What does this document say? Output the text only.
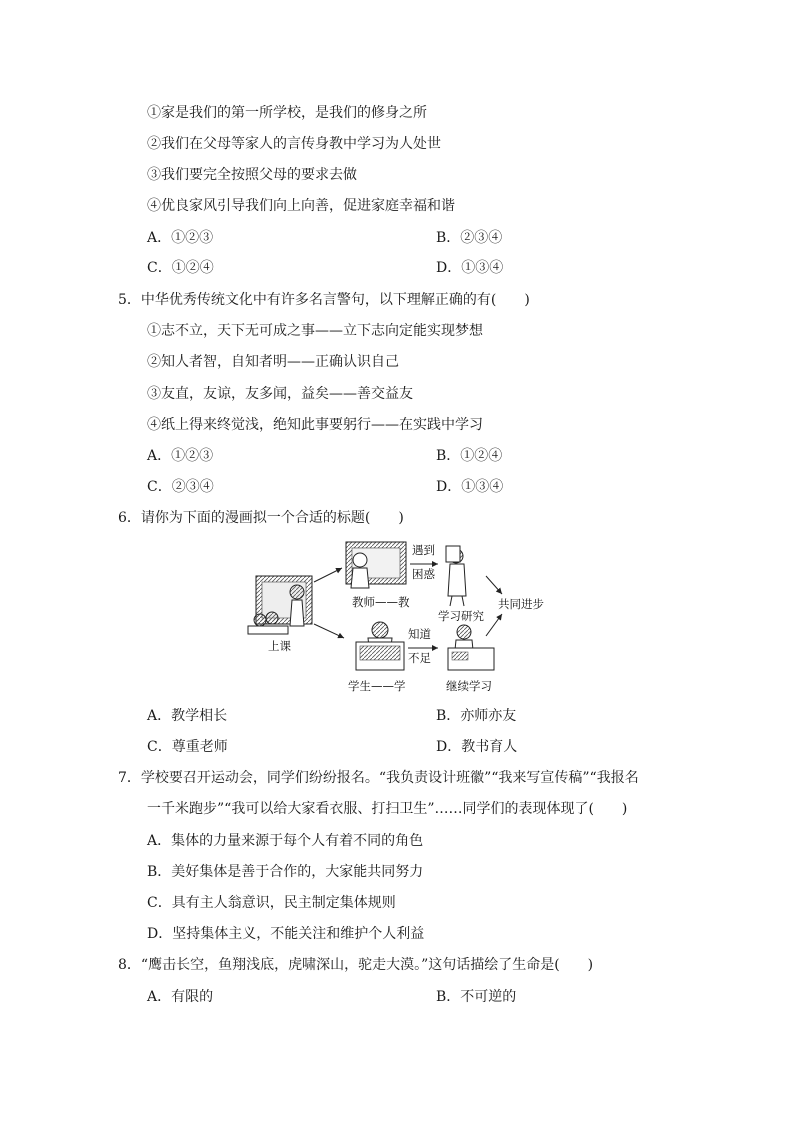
①家是我们的第一所学校，是我们的修身之所
②我们在父母等家人的言传身教中学习为人处世
③我们要完全按照父母的要求去做
④优良家风引导我们向上向善，促进家庭幸福和谐
A．①②③	B．②③④
C．①②④	D．①③④
5．中华优秀传统文化中有许多名言警句，以下理解正确的有(　　)
①志不立，天下无可成之事——立下志向定能实现梦想
②知人者智，自知者明——正确认识自己
③友直，友谅，友多闻，益矣——善交益友
④纸上得来终觉浅，绝知此事要躬行——在实践中学习
A．①②③	B．①②④
C．②③④	D．①③④
6．请你为下面的漫画拟一个合适的标题(　　)
上课
教师——教
学生——学
遇到
困惑
知道
不足
学习研究
继续学习
共同进步
A．教学相长	B．亦师亦友
C．尊重老师	D．教书育人
7．学校要召开运动会，同学们纷纷报名。“我负责设计班徽”“我来写宣传稿”“我报名
一千米跑步”“我可以给大家看衣服、打扫卫生”……同学们的表现体现了(　　)
A．集体的力量来源于每个人有着不同的角色
B．美好集体是善于合作的，大家能共同努力
C．具有主人翁意识，民主制定集体规则
D．坚持集体主义，不能关注和维护个人利益
8．“鹰击长空，鱼翔浅底，虎啸深山，驼走大漠。”这句话描绘了生命是(　　)
A．有限的	B．不可逆的
